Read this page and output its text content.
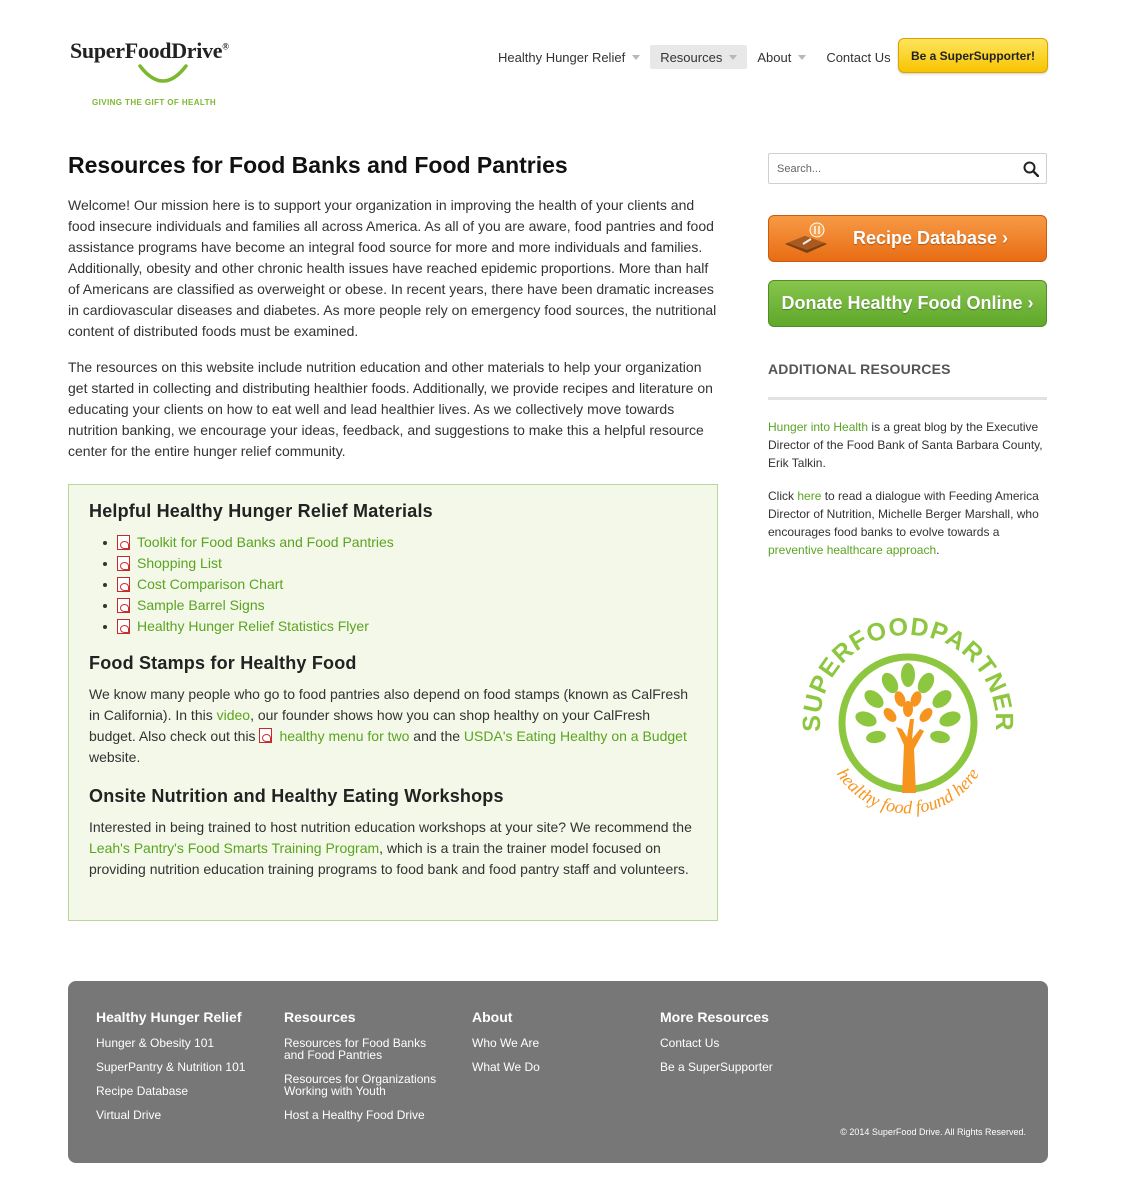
SuperFoodDrive®
GIVING THE GIFT OF HEALTH
Healthy Hunger Relief	Resources	About	Contact Us	Be a SuperSupporter!
Resources for Food Banks and Food Pantries

Welcome! Our mission here is to support your organization in improving the health of your clients and food insecure individuals and families all across America. As all of you are aware, food pantries and food assistance programs have become an integral food source for more and more individuals and families. Additionally, obesity and other chronic health issues have reached epidemic proportions. More than half of Americans are classified as overweight or obese. In recent years, there have been dramatic increases in cardiovascular diseases and diabetes. As more people rely on emergency food sources, the nutritional content of distributed foods must be examined.

The resources on this website include nutrition education and other materials to help your organization get started in collecting and distributing healthier foods. Additionally, we provide recipes and literature on educating your clients on how to eat well and lead healthier lives. As we collectively move towards nutrition banking, we encourage your ideas, feedback, and suggestions to make this a helpful resource center for the entire hunger relief community.

Helpful Healthy Hunger Relief Materials
Toolkit for Food Banks and Food Pantries
Shopping List
Cost Comparison Chart
Sample Barrel Signs
Healthy Hunger Relief Statistics Flyer
Food Stamps for Healthy Food

We know many people who go to food pantries also depend on food stamps (known as CalFresh in California). In this video, our founder shows how you can shop healthy on your CalFresh budget. Also check out this healthy menu for two and the USDA's Eating Healthy on a Budget website.

Onsite Nutrition and Healthy Eating Workshops

Interested in being trained to host nutrition education workshops at your site? We recommend the Leah's Pantry's Food Smarts Training Program, which is a train the trainer model focused on providing nutrition education training programs to food bank and food pantry staff and volunteers.

Search...
Recipe Database ›
Donate Healthy Food Online ›
ADDITIONAL RESOURCES

Hunger into Health is a great blog by the Executive Director of the Food Bank of Santa Barbara County, Erik Talkin.

Click here to read a dialogue with Feeding America Director of Nutrition, Michelle Berger Marshall, who encourages food banks to evolve towards a preventive healthcare approach.

SUPERFOODPARTNER
healthy food found here
Healthy Hunger Relief
Hunger & Obesity 101
SuperPantry & Nutrition 101
Recipe Database
Virtual Drive
Resources
Resources for Food Banks
and Food Pantries
Resources for Organizations
Working with Youth
Host a Healthy Food Drive
About
Who We Are
What We Do
More Resources
Contact Us
Be a SuperSupporter
© 2014 SuperFood Drive. All Rights Reserved.
